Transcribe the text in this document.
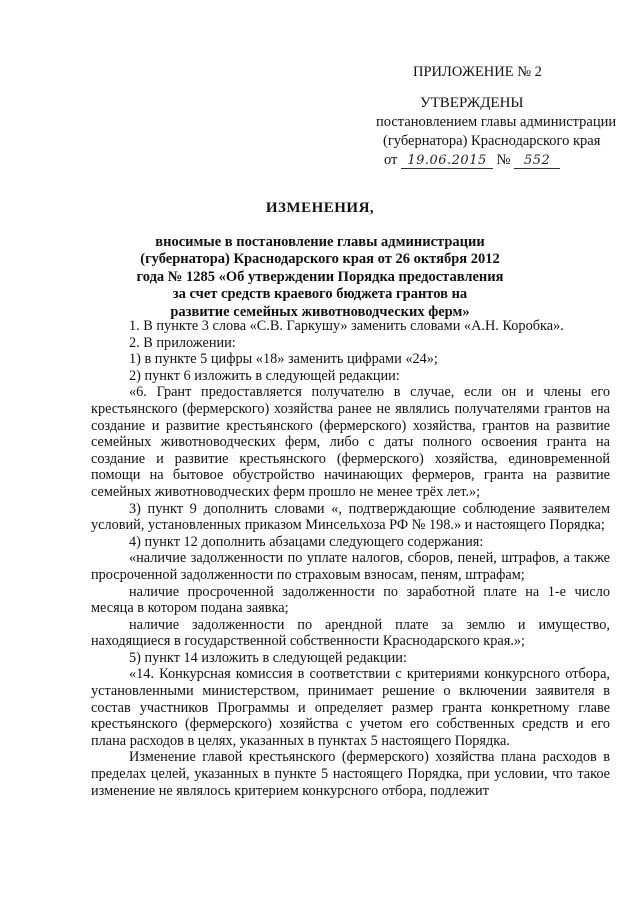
ПРИЛОЖЕНИЕ № 2
УТВЕРЖДЕНЫ
постановлением главы администрации
(губернатора) Краснодарского края
от 19.06.2015 № 552
ИЗМЕНЕНИЯ,
вносимые в постановление главы администрации
(губернатора) Краснодарского края от 26 октября 2012
года № 1285 «Об утверждении Порядка предоставления
за счет средств краевого бюджета грантов на
развитие семейных животноводческих ферм»

1. В пункте 3 слова «С.В. Гаркушу» заменить словами «А.Н. Коробка».

2. В приложении:

1) в пункте 5 цифры «18» заменить цифрами «24»;

2) пункт 6 изложить в следующей редакции:

«6. Грант предоставляется получателю в случае, если он и члены его крестьянского (фермерского) хозяйства ранее не являлись получателями грантов на создание и развитие крестьянского (фермерского) хозяйства, грантов на развитие семейных животноводческих ферм, либо с даты полного освоения гранта на создание и развитие крестьянского (фермерского) хозяйства, единовременной помощи на бытовое обустройство начинающих фермеров, гранта на развитие семейных животноводческих ферм прошло не менее трёх лет.»;

3) пункт 9 дополнить словами «, подтверждающие соблюдение заявителем условий, установленных приказом Минсельхоза РФ № 198.» и настоящего Порядка;

4) пункт 12 дополнить абзацами следующего содержания:

«наличие задолженности по уплате налогов, сборов, пеней, штрафов, а также просроченной задолженности по страховым взносам, пеням, штрафам;

наличие просроченной задолженности по заработной плате на 1-е число месяца в котором подана заявка;

наличие задолженности по арендной плате за землю и имущество, находящиеся в государственной собственности Краснодарского края.»;

5) пункт 14 изложить в следующей редакции:

«14. Конкурсная комиссия в соответствии с критериями конкурсного отбора, установленными министерством, принимает решение о включении заявителя в состав участников Программы и определяет размер гранта конкретному главе крестьянского (фермерского) хозяйства с учетом его собственных средств и его плана расходов в целях, указанных в пунктах 5 настоящего Порядка.

Изменение главой крестьянского (фермерского) хозяйства плана расходов в пределах целей, указанных в пункте 5 настоящего Порядка, при условии, что такое изменение не являлось критерием конкурсного отбора, подлежит
